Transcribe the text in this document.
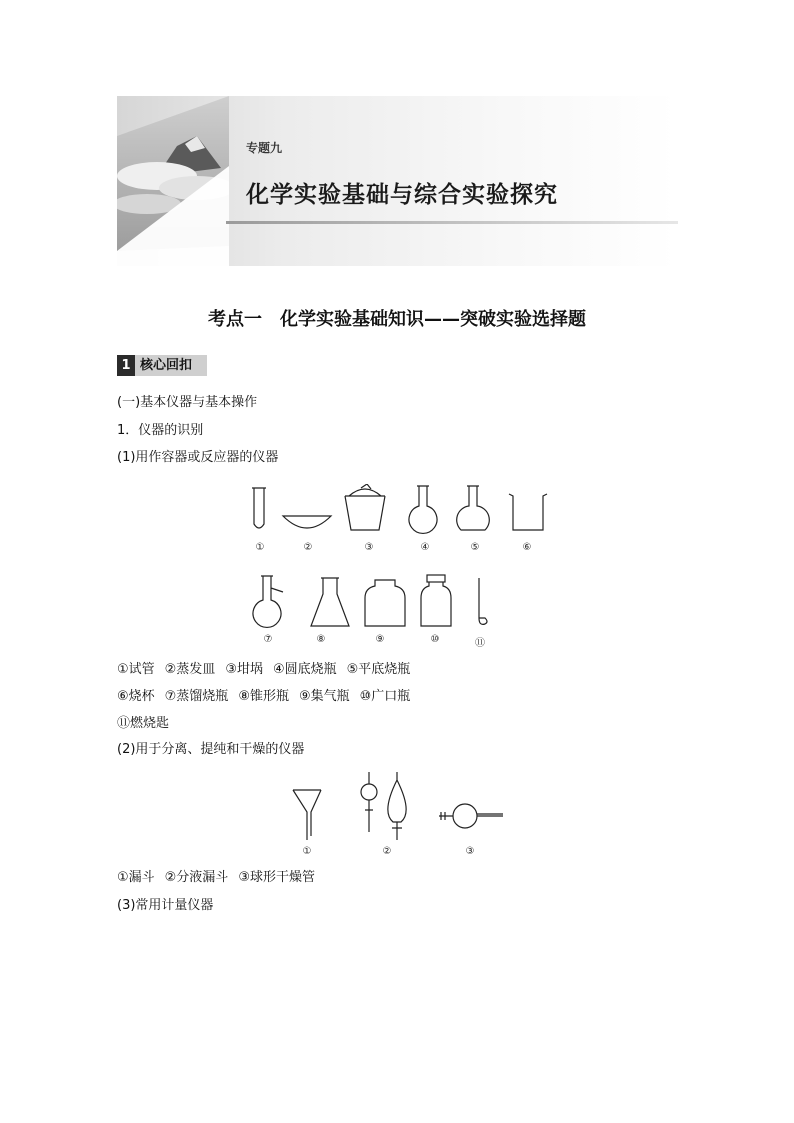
专题九
化学实验基础与综合实验探究
考点一　化学实验基础知识——突破实验选择题
1 核心回扣
(一)基本仪器与基本操作
1．仪器的识别
(1)用作容器或反应器的仪器
①	②	③	④	⑤	⑥
⑦	⑧	⑨	⑩	⑪
①试管 ②蒸发皿 ③坩埚 ④圆底烧瓶 ⑤平底烧瓶
⑥烧杯 ⑦蒸馏烧瓶 ⑧锥形瓶 ⑨集气瓶 ⑩广口瓶
⑪燃烧匙
(2)用于分离、提纯和干燥的仪器
①	②	③
①漏斗 ②分液漏斗 ③球形干燥管
(3)常用计量仪器
